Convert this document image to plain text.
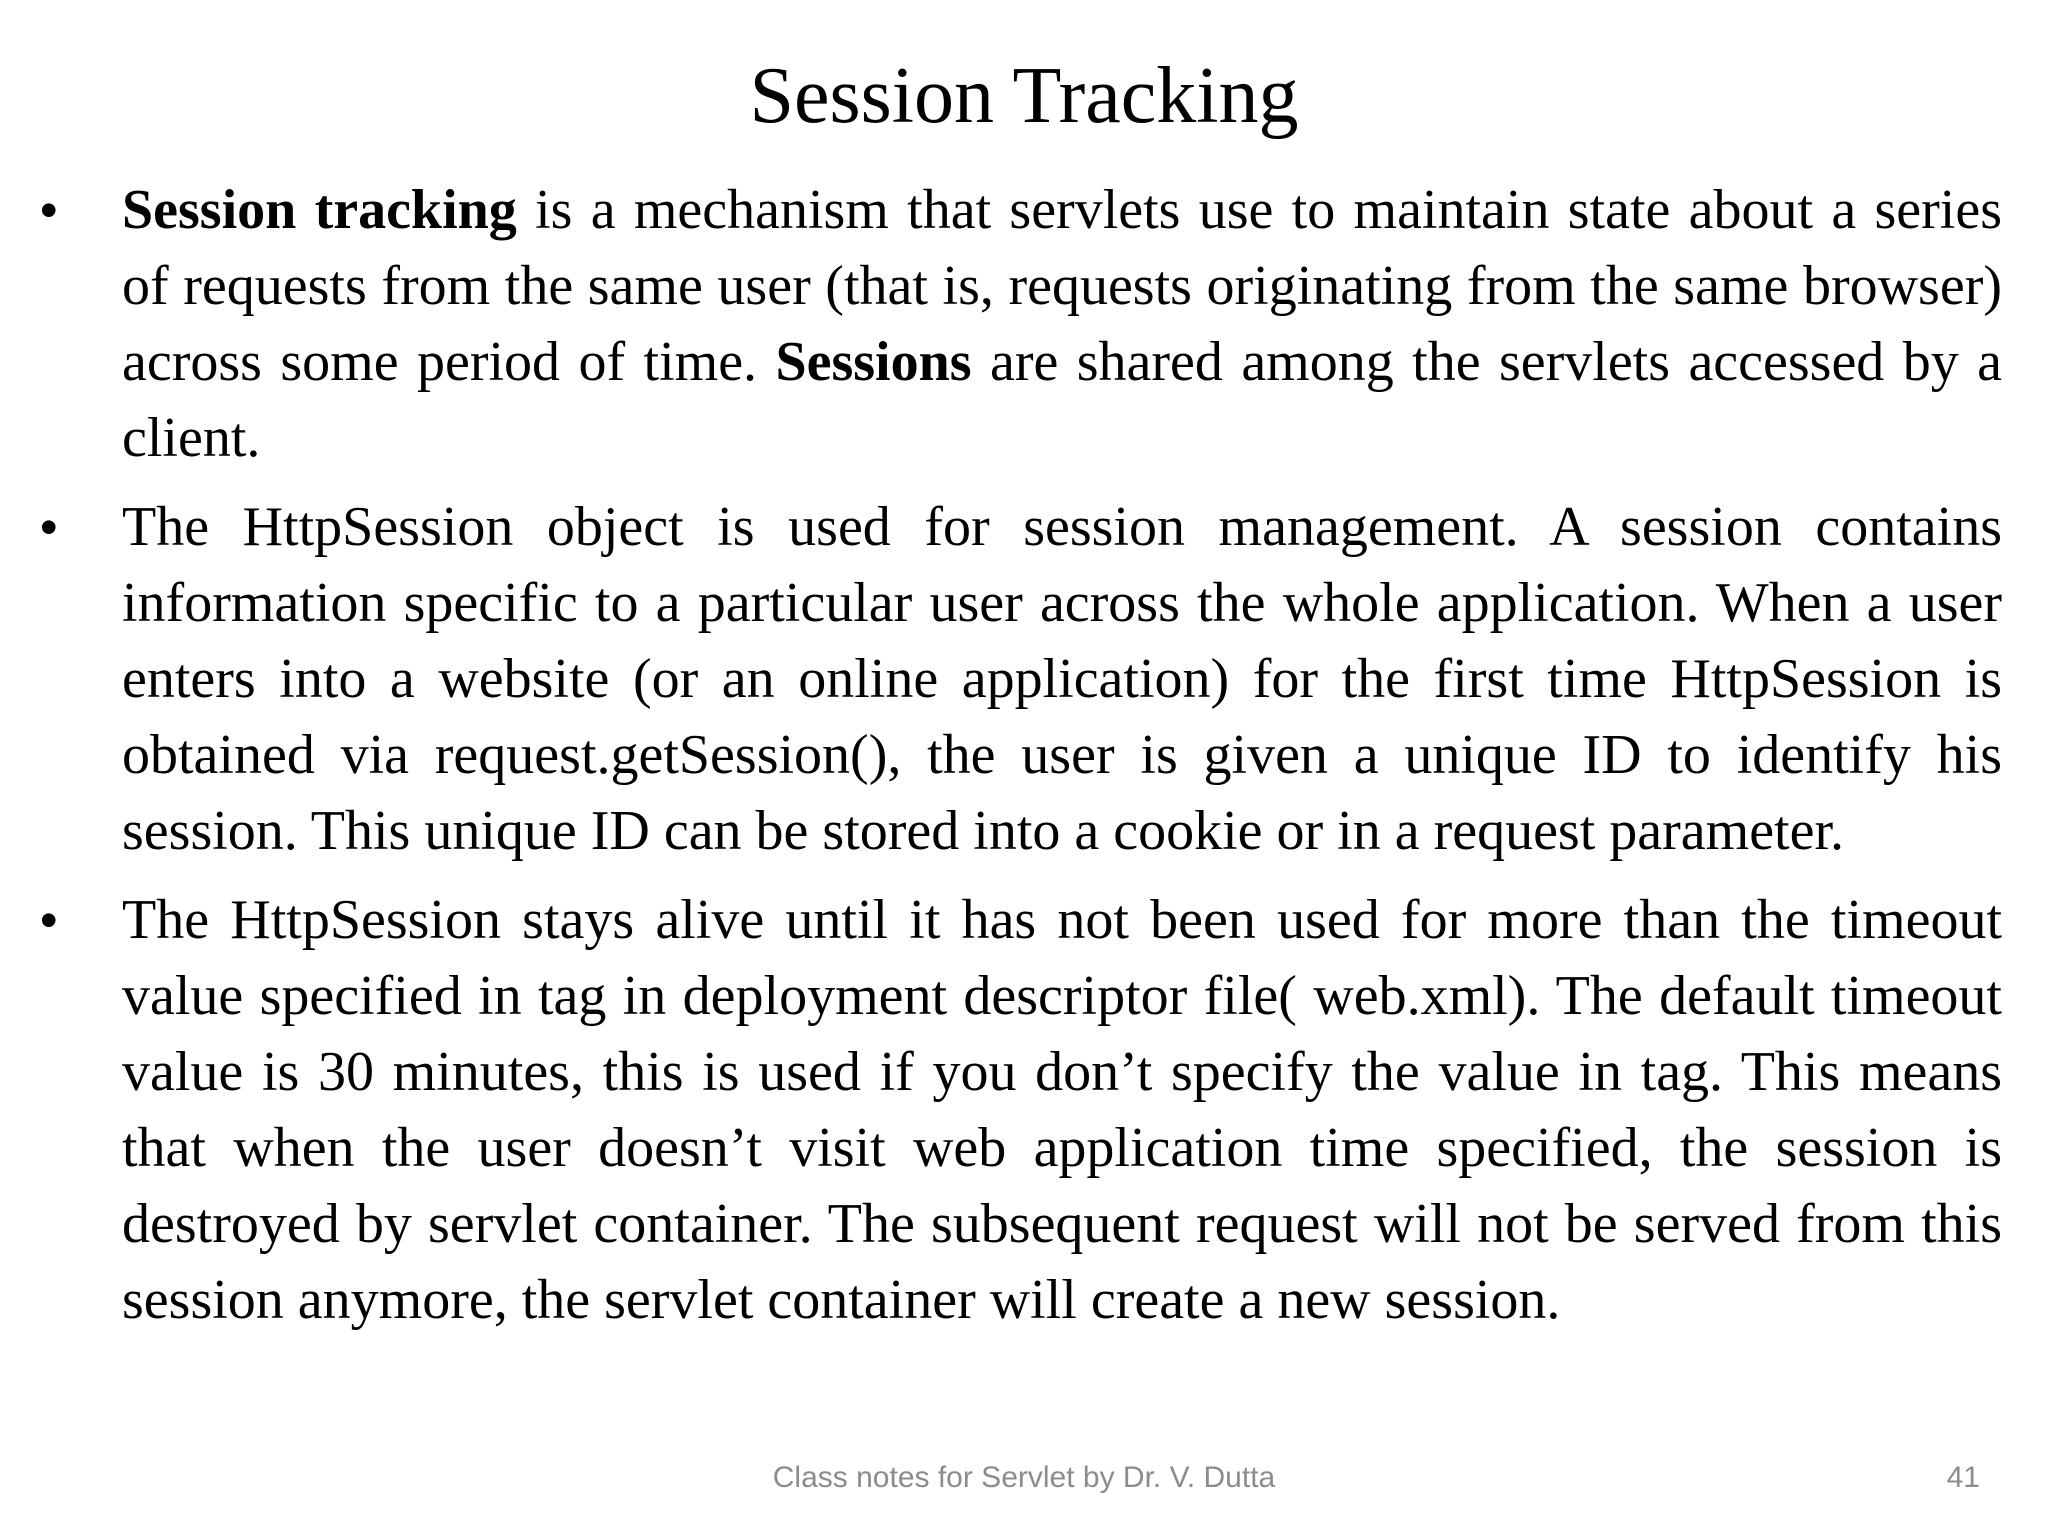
Session Tracking
• Session tracking is a mechanism that servlets use to maintain state about a series of requests from the same user (that is, requests originating from the same browser) across some period of time. Sessions are shared among the servlets accessed by a client.
• The HttpSession object is used for session management. A session contains information specific to a particular user across the whole application. When a user enters into a website (or an online application) for the first time HttpSession is obtained via request.getSession(), the user is given a unique ID to identify his session. This unique ID can be stored into a cookie or in a request parameter.
• The HttpSession stays alive until it has not been used for more than the timeout value specified in tag in deployment descriptor file( web.xml). The default timeout value is 30 minutes, this is used if you don’t specify the value in tag. This means that when the user doesn’t visit web application time specified, the session is destroyed by servlet container. The subsequent request will not be served from this session anymore, the servlet container will create a new session.
Class notes for Servlet by Dr. V. Dutta	41
